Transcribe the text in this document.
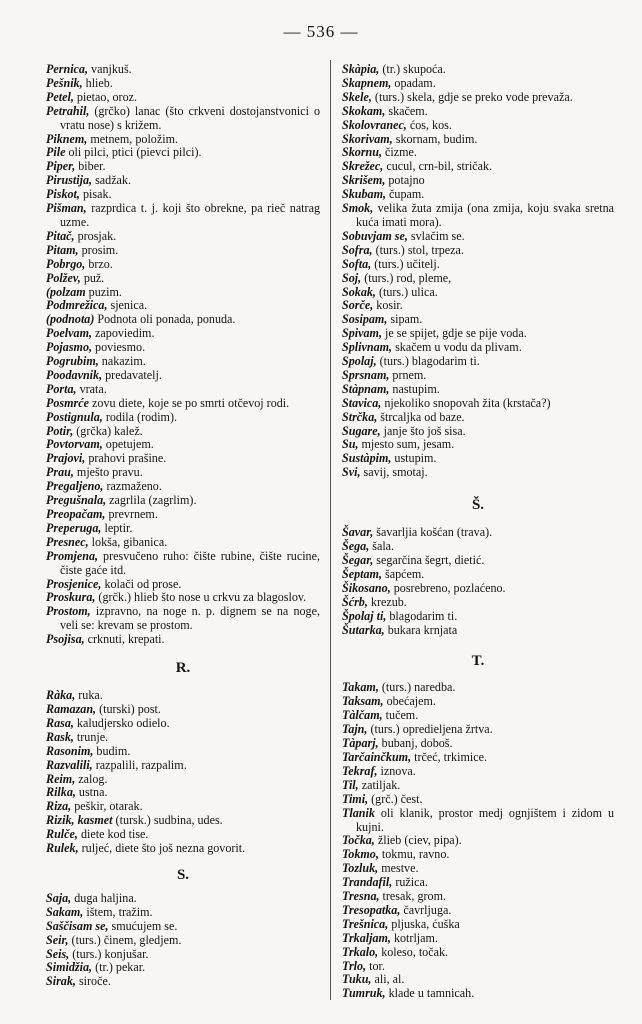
— 536 —

Pernica, vanjkuš.

Pešnik, hlieb.

Petel, pietao, oroz.

Petrahil, (grčko) lanac (što crkveni dostojanstvonici o vratu nose) s križem.

Piknem, metnem, položim.

Pile oli pilci, ptici (pievci pilci).

Piper, biber.

Pirustija, sadžak.

Piskot, pisak.

Pišman, razprdica t. j. koji što obrekne, pa rieč natrag uzme.

Pitač, prosjak.

Pitam, prosim.

Pobrgo, brzo.

Polžev, puž.

(polzam puzim.

Podmrežica, sjenica.

(podnota) Podnota oli ponada, ponuda.

Poelvam, zapoviedim.

Pojasmo, poviesmo.

Pogrubim, nakazim.

Poodavnik, predavatelj.

Porta, vrata.

Posmrće zovu diete, koje se po smrti otčevoj rodi.

Postignula, rodila (rodim).

Potir, (grčka) kalež.

Povtorvam, opetujem.

Prajovi, prahovi prašine.

Prau, mješto pravu.

Pregaljeno, razmaženo.

Pregušnala, zagrlila (zagrlim).

Preopačam, prevrnem.

Preperuga, leptir.

Presnec, lokša, gibanica.

Promjena, presvučeno ruho: čište rubine, čište rucine, čiste gaće itd.

Prosjenice, kolači od prose.

Proskura, (grčk.) hlieb što nose u crkvu za blagoslov.

Prostom, izpravno, na noge n. p. dignem se na noge, veli se: krevam se prostom.

Psojisa, crknuti, krepati.

R.

Ràka, ruka.

Ramazan, (turski) post.

Rasa, kaludjersko odielo.

Rask, trunje.

Rasonim, budim.

Razvalili, razpalili, razpalim.

Reim, zalog.

Rilka, ustna.

Riza, peškir, otarak.

Rizik, kasmet (tursk.) sudbina, udes.

Rulče, diete kod tise.

Rulek, ruljeć, diete što još nezna govorit.

S.

Saja, duga haljina.

Sakam, ištem, tražim.

Saščisam se, smućujem se.

Seir, (turs.) činem, gledjem.

Seis, (turs.) konjušar.

Simidžia, (tr.) pekar.

Sirak, siroče.

Skàpia, (tr.) skupoća.

Skapnem, opadam.

Skele, (turs.) skela, gdje se preko vode prevaža.

Skokam, skačem.

Skolovranec, ćos, kos.

Skorivam, skornam, budim.

Skornu, čizme.

Skrežec, cucul, crn-bil, stričak.

Skrišem, potajno

Skubam, čupam.

Smok, velika žuta zmija (ona zmija, koju svaka sretna kuća imati mora).

Sobuvjam se, svlačim se.

Sofra, (turs.) stol, trpeza.

Softa, (turs.) učitelj.

Soj, (turs.) rod, pleme,

Sokak, (turs.) ulica.

Sorče, kosir.

Sosipam, sipam.

Spivam, je se spijet, gdje se pije voda.

Splivnam, skačem u vodu da plivam.

Spolaj, (turs.) blagodarim ti.

Sprsnam, prnem.

Stàpnam, nastupim.

Stavica, njekoliko snopovah žita (krstača?)

Strčka, štrcaljka od baze.

Sugare, janje što još sisa.

Su, mjesto sum, jesam.

Sustàpim, ustupim.

Svi, savij, smotaj.

Š.

Šavar, šavarljia košćan (trava).

Šega, šala.

Šegar, segarčina šegrt, dietić.

Šeptam, šapćem.

Šikosano, posrebreno, pozlaćeno.

Šćrb, krezub.

Špolaj ti, blagodarim ti.

Šutarka, bukara krnjata

T.

Takam, (turs.) naredba.

Taksam, obećajem.

Tàlčam, tučem.

Tajn, (turs.) opredieljena žrtva.

Tàparj, bubanj, doboš.

Tarčainčkum, trčeć, trkimice.

Tekraf, iznova.

Til, zatiljak.

Timi, (grč.) čest.

Tlanik oli klanik, prostor medj ognjištem i zidom u kujni.

Točka, žlieb (ciev, pipa).

Tokmo, tokmu, ravno.

Tozluk, mestve.

Trandafil, ružica.

Tresna, tresak, grom.

Tresopatka, čavrljuga.

Trešnica, pljuska, ćuška

Trkaljam, kotrljam.

Trkalo, koleso, točak.

Trlo, tor.

Tuku, ali, al.

Tumruk, klade u tamnicah.
